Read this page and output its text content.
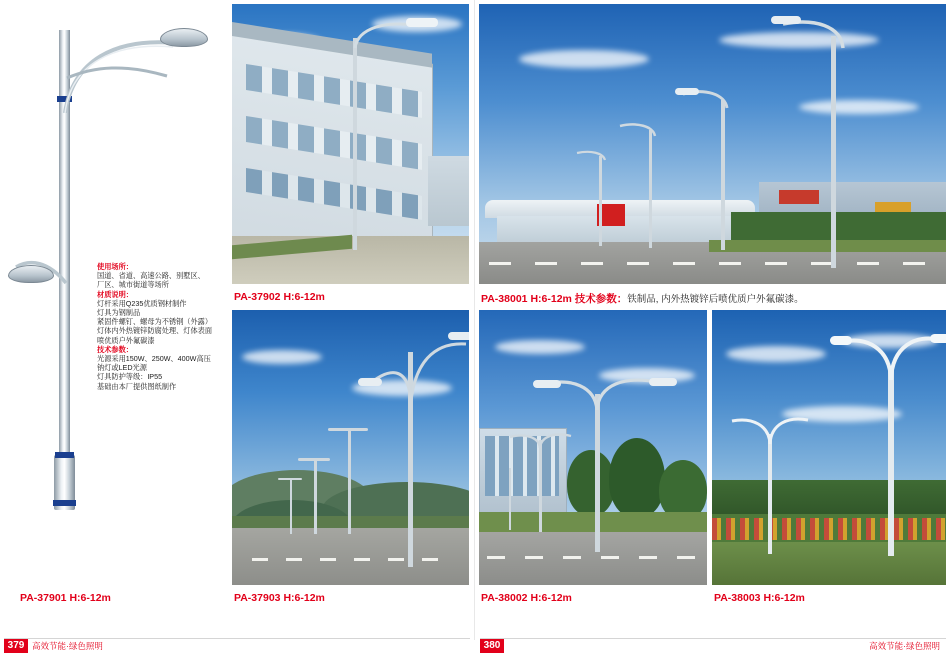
使用场所：
国道、省道、高速公路、别墅区、
厂区、城市街道等场所
材质说明：
灯杆采用Q235优质钢材制作
灯具为钢制品
紧固件螺钉、螺母为不锈钢（外露）
灯体内外热镀锌防腐处理、灯体表面
喷优质户外氟碳漆
技术参数：
光源采用150W、250W、400W高压
钠灯或LED光源
灯具防护等级：IP55
基础由本厂提供图纸制作
PA-37901 H:6-12m
PA-37902 H:6-12m
PA-37903 H:6-12m
PA-38001 H:6-12m 技术参数：铁制品, 内外热镀锌后喷优质户外氟碳漆。
PA-38002 H:6-12m	PA-38003 H:6-12m
379 高效节能·绿色照明	380	高效节能·绿色照明
